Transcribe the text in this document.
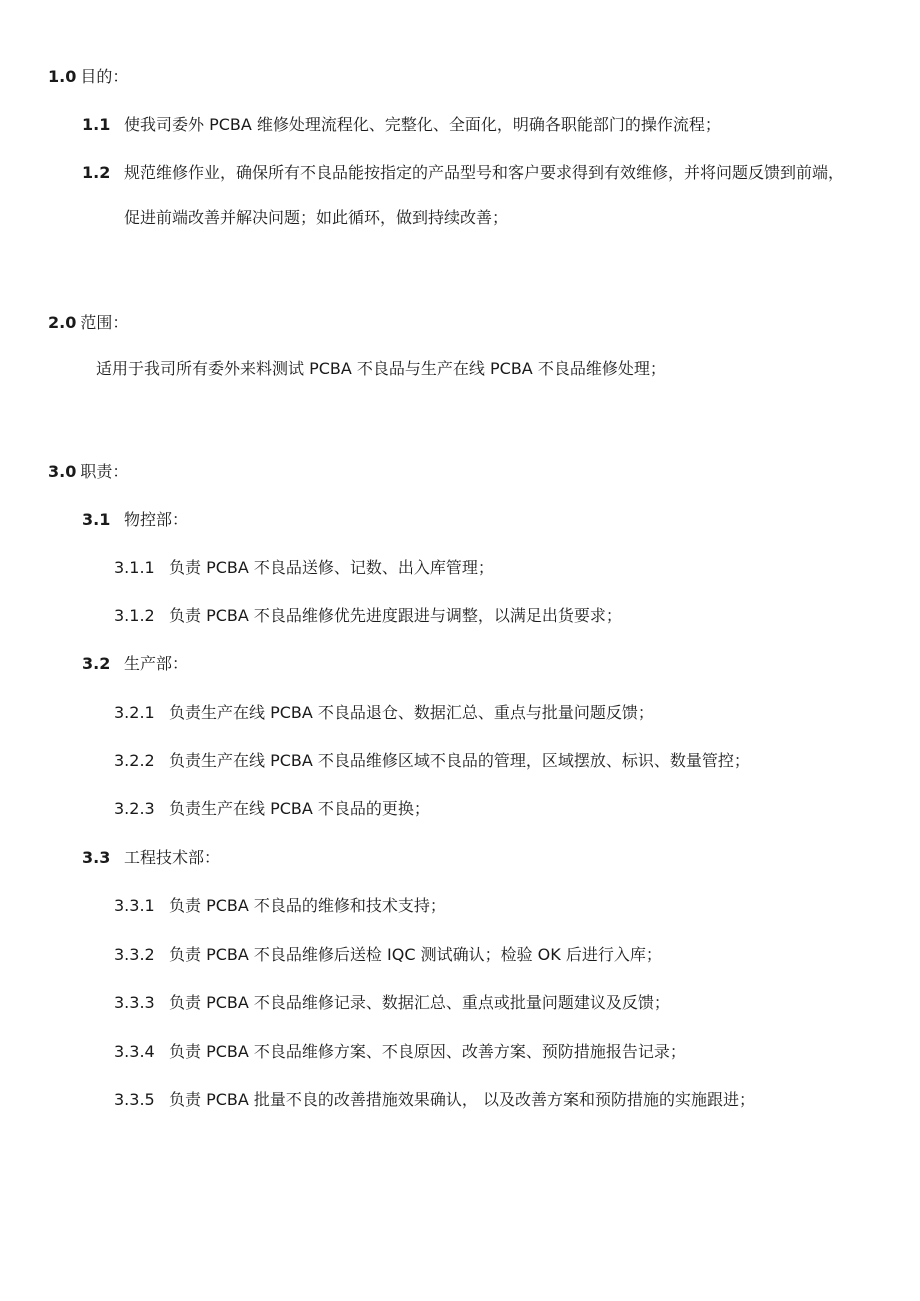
1.0 目的：
1.1 使我司委外 PCBA 维修处理流程化、完整化、全面化，明确各职能部门的操作流程；
1.2 规范维修作业，确保所有不良品能按指定的产品型号和客户要求得到有效维修，并将问题反馈到前端，
促进前端改善并解决问题；如此循环，做到持续改善；
2.0 范围：
适用于我司所有委外来料测试 PCBA 不良品与生产在线 PCBA 不良品维修处理；
3.0 职责：
3.1 物控部：
3.1.1 负责 PCBA 不良品送修、记数、出入库管理；
3.1.2 负责 PCBA 不良品维修优先进度跟进与调整，以满足出货要求；
3.2 生产部：
3.2.1 负责生产在线 PCBA 不良品退仓、数据汇总、重点与批量问题反馈；
3.2.2 负责生产在线 PCBA 不良品维修区域不良品的管理，区域摆放、标识、数量管控；
3.2.3 负责生产在线 PCBA 不良品的更换；
3.3 工程技术部：
3.3.1 负责 PCBA 不良品的维修和技术支持；
3.3.2 负责 PCBA 不良品维修后送检 IQC 测试确认；检验 OK 后进行入库；
3.3.3 负责 PCBA 不良品维修记录、数据汇总、重点或批量问题建议及反馈；
3.3.4 负责 PCBA 不良品维修方案、不良原因、改善方案、预防措施报告记录；
3.3.5 负责 PCBA 批量不良的改善措施效果确认， 以及改善方案和预防措施的实施跟进；
